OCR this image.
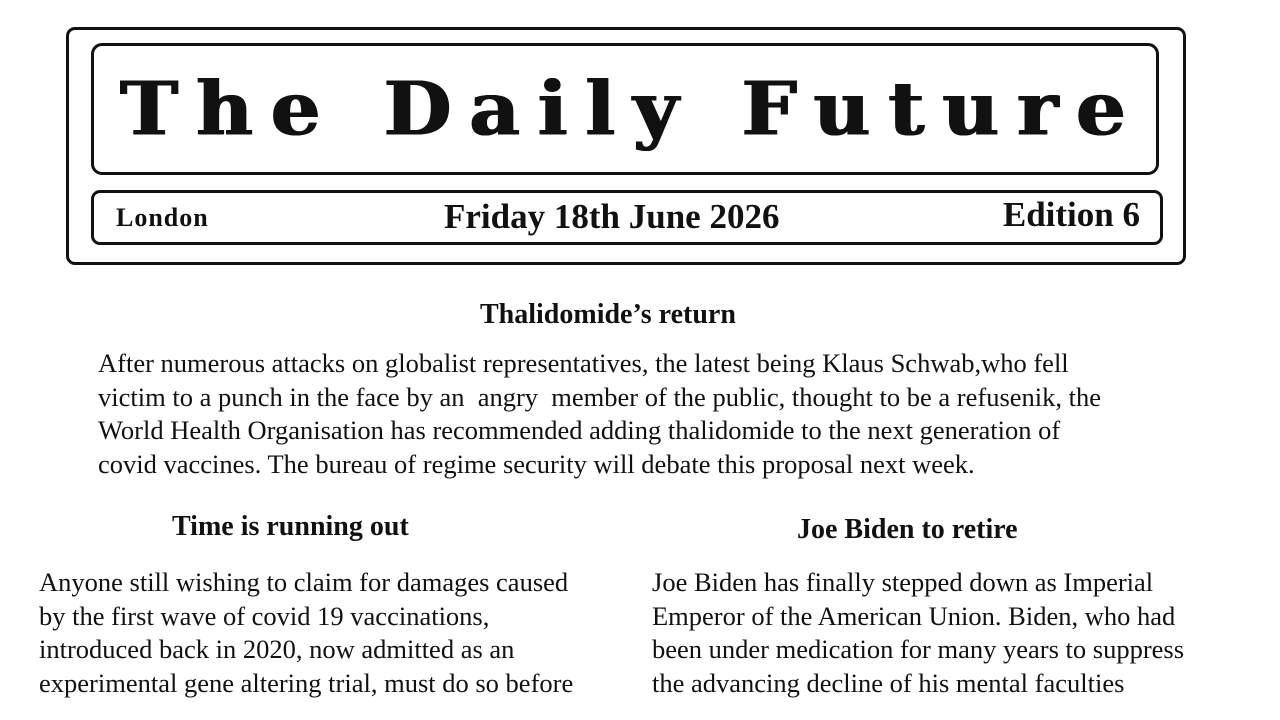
The Daily Future
London	Friday 18th June 2026	Edition 6
Thalidomide’s return
After numerous attacks on globalist representatives, the latest being Klaus Schwab,who fell
victim to a punch in the face by an  angry  member of the public, thought to be a refusenik, the
World Health Organisation has recommended adding thalidomide to the next generation of
covid vaccines. The bureau of regime security will debate this proposal next week.
Time is running out
Anyone still wishing to claim for damages caused
by the first wave of covid 19 vaccinations,
introduced back in 2020, now admitted as an
experimental gene altering trial, must do so before
Joe Biden to retire
Joe Biden has finally stepped down as Imperial
Emperor of the American Union. Biden, who had
been under medication for many years to suppress
the advancing decline of his mental faculties
